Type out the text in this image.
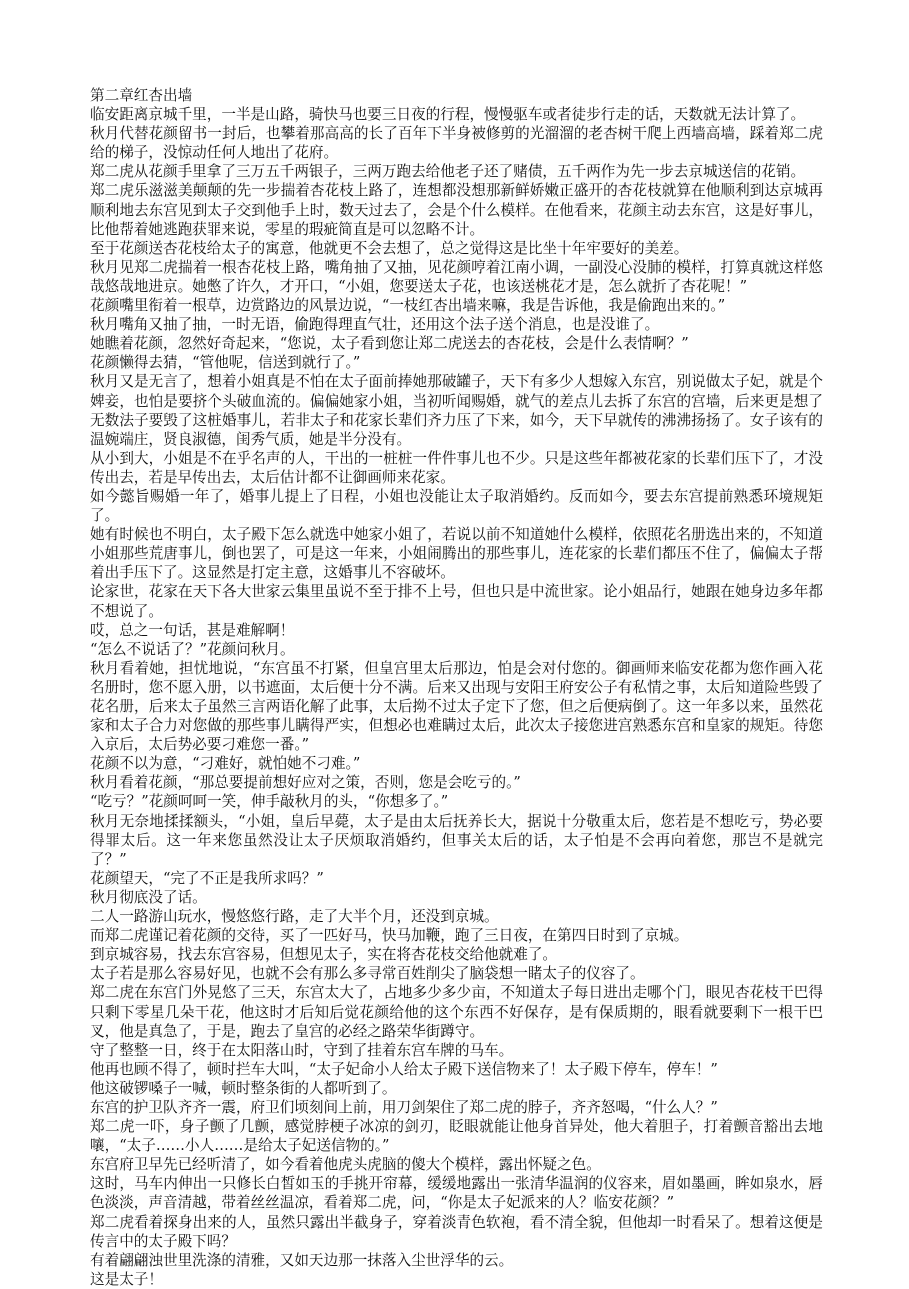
第二章红杏出墙

临安距离京城千里，一半是山路，骑快马也要三日夜的行程，慢慢驱车或者徒步行走的话，天数就无法计算了。

秋月代替花颜留书一封后，也攀着那高高的长了百年下半身被修剪的光溜溜的老杏树干爬上西墙高墙，踩着郑二虎给的梯子，没惊动任何人地出了花府。

郑二虎从花颜手里拿了三万五千两银子，三两万跑去给他老子还了赌债，五千两作为先一步去京城送信的花销。

郑二虎乐滋滋美颠颠的先一步揣着杏花枝上路了，连想都没想那新鲜娇嫩正盛开的杏花枝就算在他顺利到达京城再顺利地去东宫见到太子交到他手上时，数天过去了，会是个什么模样。在他看来，花颜主动去东宫，这是好事儿，比他帮着她逃跑获罪来说，零星的瑕疵简直是可以忽略不计。

至于花颜送杏花枝给太子的寓意，他就更不会去想了，总之觉得这是比坐十年牢要好的美差。

秋月见郑二虎揣着一根杏花枝上路，嘴角抽了又抽，见花颜哼着江南小调，一副没心没肺的模样，打算真就这样悠哉悠哉地进京。她憋了许久，才开口，“小姐，您要送太子花，也该送桃花才是，怎么就折了杏花呢！”

花颜嘴里衔着一根草，边赏路边的风景边说，“一枝红杏出墙来嘛，我是告诉他，我是偷跑出来的。”

秋月嘴角又抽了抽，一时无语，偷跑得理直气壮，还用这个法子送个消息，也是没谁了。

她瞧着花颜，忽然好奇起来，“您说，太子看到您让郑二虎送去的杏花枝，会是什么表情啊？”

花颜懒得去猜，“管他呢，信送到就行了。”

秋月又是无言了，想着小姐真是不怕在太子面前捧她那破罐子，天下有多少人想嫁入东宫，别说做太子妃，就是个婢妾，也怕是要挤个头破血流的。偏偏她家小姐，当初听闻赐婚，就气的差点儿去拆了东宫的宫墙，后来更是想了无数法子要毁了这桩婚事儿，若非太子和花家长辈们齐力压了下来，如今，天下早就传的沸沸扬扬了。女子该有的温婉端庄，贤良淑德，闺秀气质，她是半分没有。

从小到大，小姐是不在乎名声的人，干出的一桩桩一件件事儿也不少。只是这些年都被花家的长辈们压下了，才没传出去，若是早传出去，太后估计都不让御画师来花家。

如今懿旨赐婚一年了，婚事儿提上了日程，小姐也没能让太子取消婚约。反而如今，要去东宫提前熟悉环境规矩了。

她有时候也不明白，太子殿下怎么就选中她家小姐了，若说以前不知道她什么模样，依照花名册选出来的，不知道小姐那些荒唐事儿，倒也罢了，可是这一年来，小姐闹腾出的那些事儿，连花家的长辈们都压不住了，偏偏太子帮着出手压下了。这显然是打定主意，这婚事儿不容破坏。

论家世，花家在天下各大世家云集里虽说不至于排不上号，但也只是中流世家。论小姐品行，她跟在她身边多年都不想说了。

哎，总之一句话，甚是难解啊！

“怎么不说话了？”花颜问秋月。

秋月看着她，担忧地说，“东宫虽不打紧，但皇宫里太后那边，怕是会对付您的。御画师来临安花都为您作画入花名册时，您不愿入册，以书遮面，太后便十分不满。后来又出现与安阳王府安公子有私情之事，太后知道险些毁了花名册，后来太子虽然三言两语化解了此事，太后拗不过太子定下了您，但之后便病倒了。这一年多以来，虽然花家和太子合力对您做的那些事儿瞒得严实，但想必也难瞒过太后，此次太子接您进宫熟悉东宫和皇家的规矩。待您入京后，太后势必要刁难您一番。”

花颜不以为意，“刁难好，就怕她不刁难。”

秋月看着花颜，“那总要提前想好应对之策，否则，您是会吃亏的。”

“吃亏？”花颜呵呵一笑，伸手敲秋月的头，“你想多了。”

秋月无奈地揉揉额头，“小姐，皇后早薨，太子是由太后抚养长大，据说十分敬重太后，您若是不想吃亏，势必要得罪太后。这一年来您虽然没让太子厌烦取消婚约，但事关太后的话，太子怕是不会再向着您，那岂不是就完了？”

花颜望天，“完了不正是我所求吗？”

秋月彻底没了话。

二人一路游山玩水，慢悠悠行路，走了大半个月，还没到京城。

而郑二虎谨记着花颜的交待，买了一匹好马，快马加鞭，跑了三日夜，在第四日时到了京城。

到京城容易，找去东宫容易，但想见太子，实在将杏花枝交给他就难了。

太子若是那么容易好见，也就不会有那么多寻常百姓削尖了脑袋想一睹太子的仪容了。

郑二虎在东宫门外晃悠了三天，东宫太大了，占地多少多少亩，不知道太子每日进出走哪个门，眼见杏花枝干巴得只剩下零星几朵干花，他这时才后知后觉花颜给他的这个东西不好保存，是有保质期的，眼看就要剩下一根干巴叉，他是真急了，于是，跑去了皇宫的必经之路荣华街蹲守。

守了整整一日，终于在太阳落山时，守到了挂着东宫车牌的马车。

他再也顾不得了，顿时拦车大叫，“太子妃命小人给太子殿下送信物来了！太子殿下停车，停车！”

他这破锣嗓子一喊，顿时整条街的人都听到了。

东宫的护卫队齐齐一震，府卫们顷刻间上前，用刀剑架住了郑二虎的脖子，齐齐怒喝，“什么人？”

郑二虎一吓，身子颤了几颤，感觉脖梗子冰凉的剑刃，眨眼就能让他身首异处，他大着胆子，打着颤音豁出去地嚷，“太子……小人……是给太子妃送信物的。”

东宫府卫早先已经听清了，如今看着他虎头虎脑的傻大个模样，露出怀疑之色。

这时，马车内伸出一只修长白皙如玉的手挑开帘幕，缓缓地露出一张清华温润的仪容来，眉如墨画，眸如泉水，唇色淡淡，声音清越，带着丝丝温凉，看着郑二虎，问，“你是太子妃派来的人？临安花颜？”

郑二虎看着探身出来的人，虽然只露出半截身子，穿着淡青色软袍，看不清全貌，但他却一时看呆了。想着这便是传言中的太子殿下吗？

有着翩翩浊世里洗涤的清雅，又如天边那一抹落入尘世浮华的云。

这是太子！
